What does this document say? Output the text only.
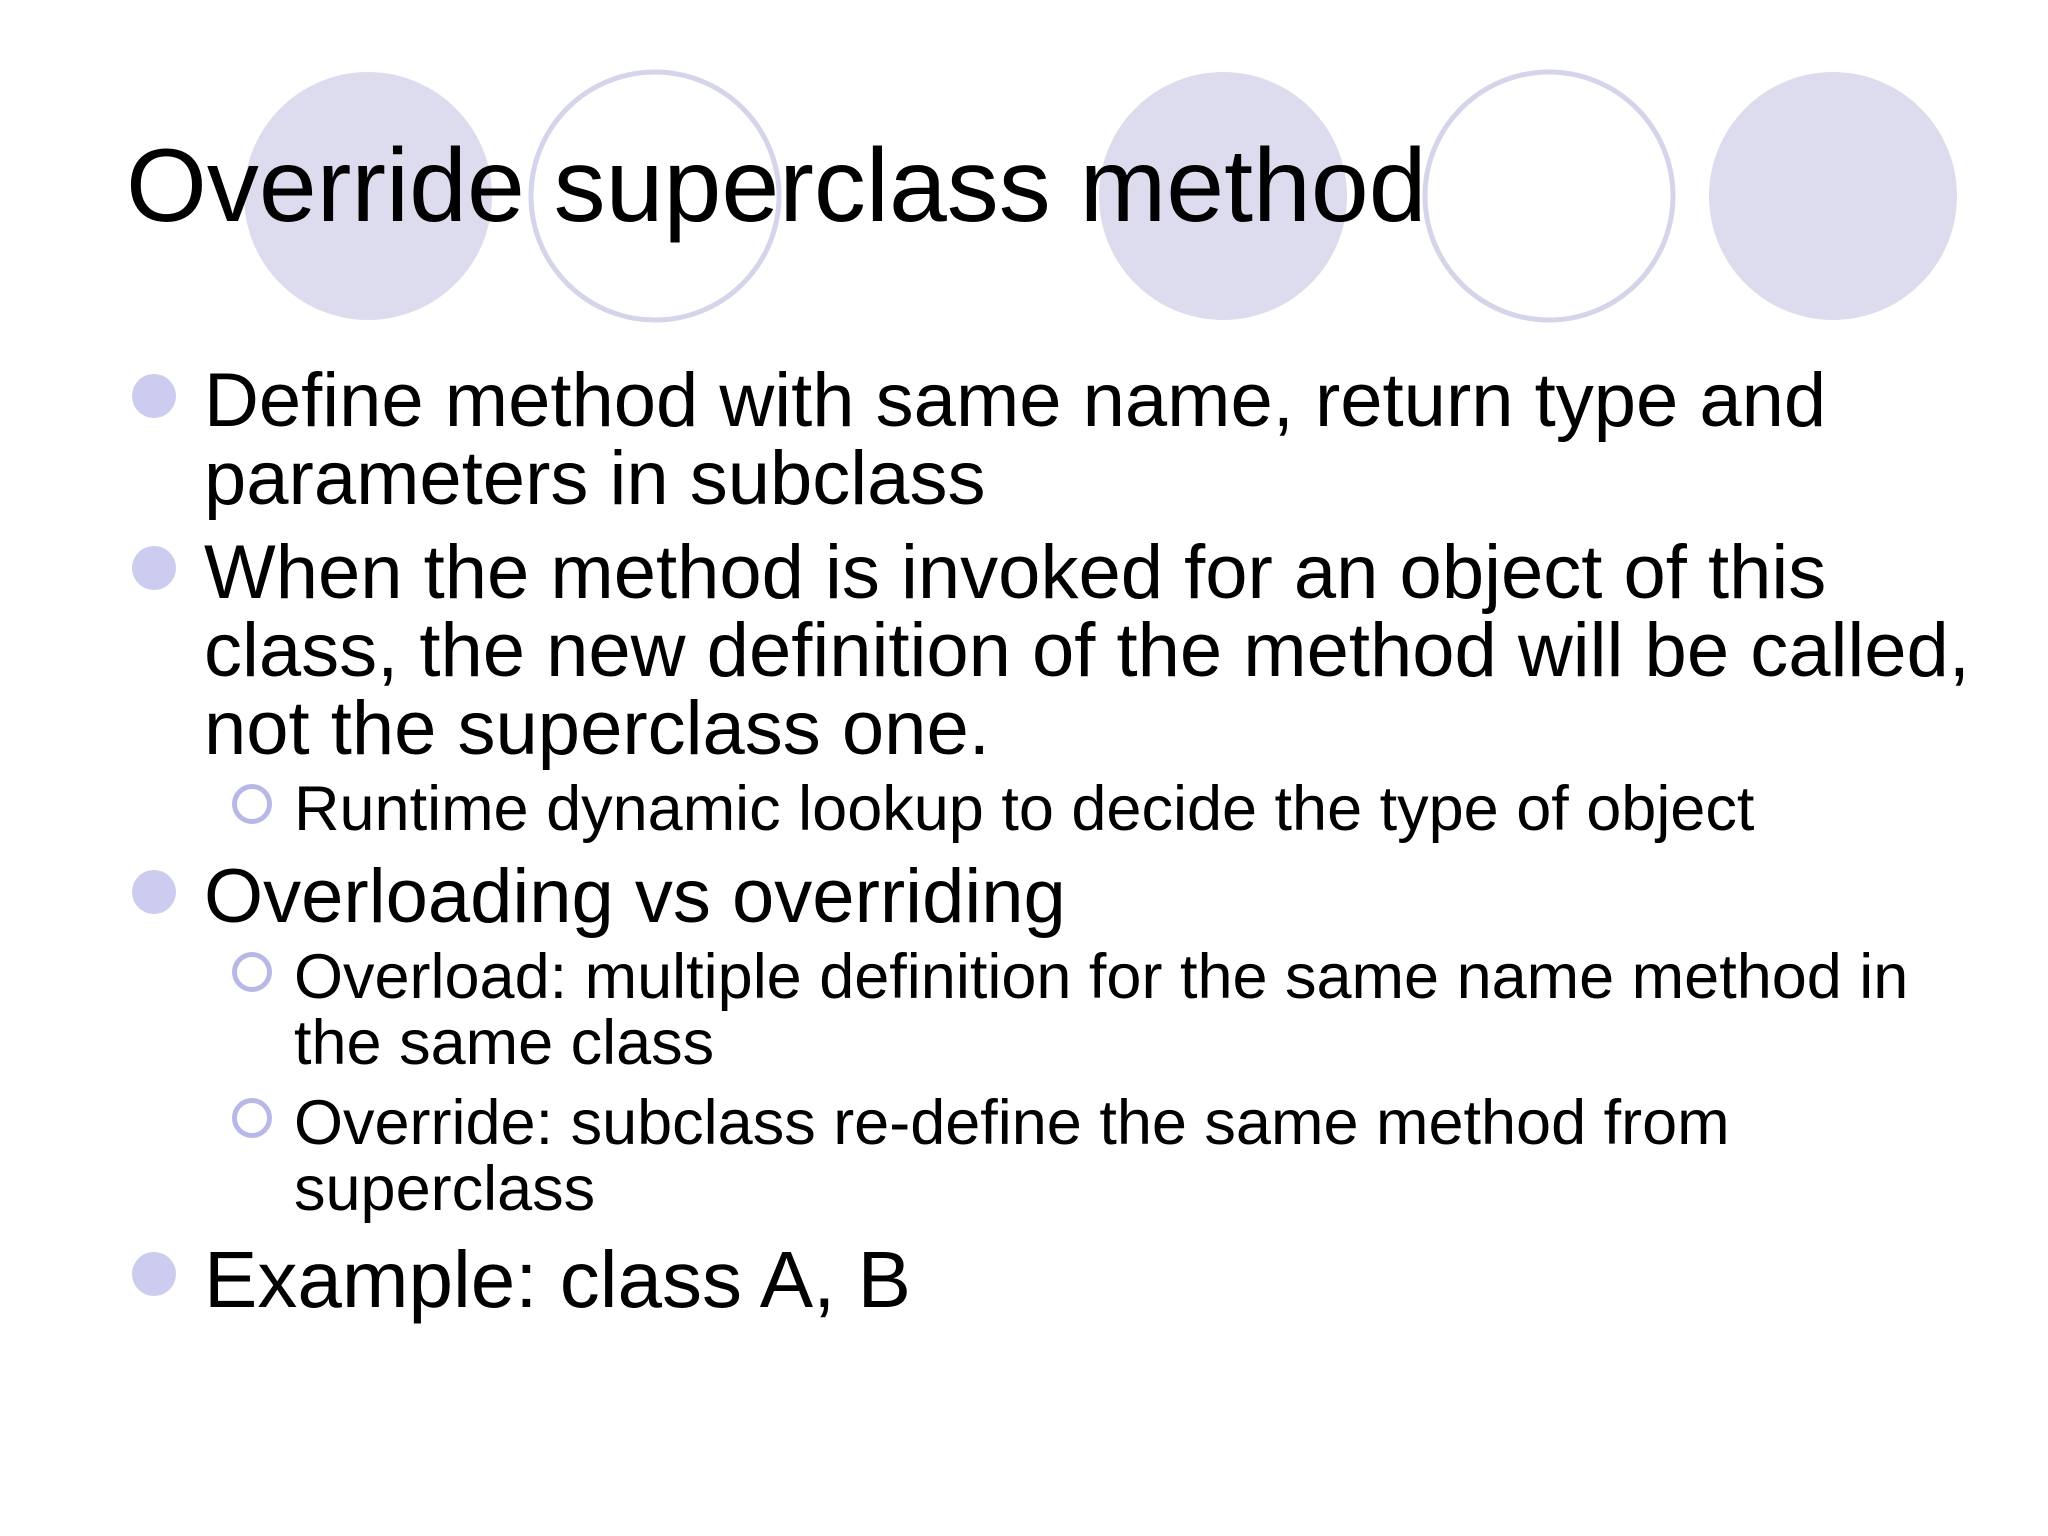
Override superclass method
Define method with same name, return type and parameters in subclass
When the method is invoked for an object of this class, the new definition of the method will be called, not the superclass one.
Runtime dynamic lookup to decide the type of object
Overloading vs overriding
Overload: multiple definition for the same name method in the same class
Override: subclass re-define the same method from superclass
Example: class A, B
